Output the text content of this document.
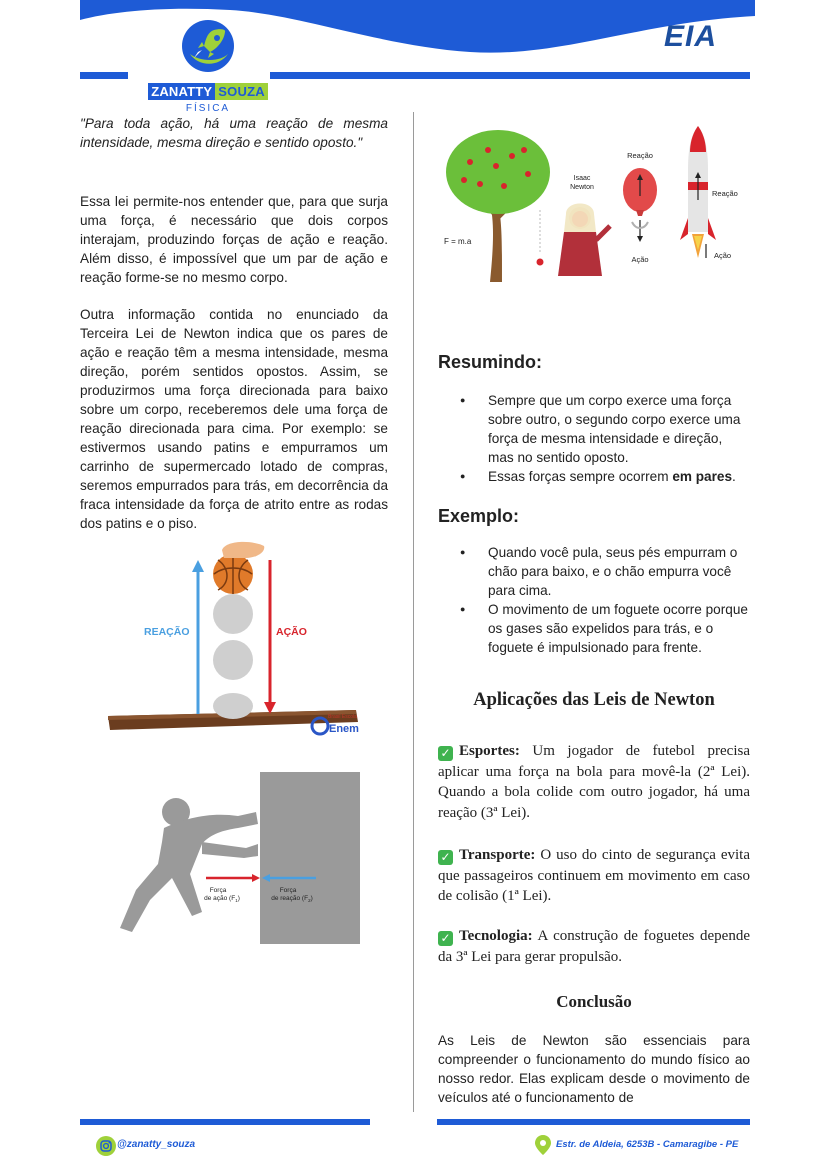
ZANATTY SOUZA
FÍSICA
EIA

"Para toda ação, há uma reação de mesma intensidade, mesma direção e sentido oposto."

Essa lei permite-nos entender que, para que surja uma força, é necessário que dois corpos interajam, produzindo forças de ação e reação. Além disso, é impossível que um par de ação e reação forme-se no mesmo corpo.

Outra informação contida no enunciado da Terceira Lei de Newton indica que os pares de ação e reação têm a mesma intensidade, mesma direção, porém sentidos opostos. Assim, se produzirmos uma força direcionada para baixo sobre um corpo, receberemos dele uma força de reação direcionada para cima. Por exemplo: se estivermos usando patins e empurramos um carrinho de supermercado lotado de compras, seremos empurrados para trás, em decorrência da fraca intensidade da força de atrito entre as rodas dos patins e o piso.

REAÇÃO	AÇÃO
Brasil Escola
Enem
Força
de ação $(F_1)$
Força
de reação $(F_2)$
F = m.a
Isaac
Newton
Reação
Ação
Reação
Ação
Resumindo:
● Sempre que um corpo exerce uma força sobre outro, o segundo corpo exerce uma força de mesma intensidade e direção, mas no sentido oposto.
● Essas forças sempre ocorrem em pares.
Exemplo:
● Quando você pula, seus pés empurram o chão para baixo, e o chão empurra você para cima.
● O movimento de um foguete ocorre porque os gases são expelidos para trás, e o foguete é impulsionado para frente.
Aplicações das Leis de Newton
✓ Esportes: Um jogador de futebol precisa aplicar uma força na bola para movê-la (2ª Lei). Quando a bola colide com outro jogador, há uma reação (3ª Lei).
✓ Transporte: O uso do cinto de segurança evita que passageiros continuem em movimento em caso de colisão (1ª Lei).
✓ Tecnologia: A construção de foguetes depende da 3ª Lei para gerar propulsão.
Conclusão
As Leis de Newton são essenciais para compreender o funcionamento do mundo físico ao nosso redor. Elas explicam desde o movimento de veículos até o funcionamento de
@zanatty_souza	Estr. de Aldeia, 6253B - Camaragibe - PE
